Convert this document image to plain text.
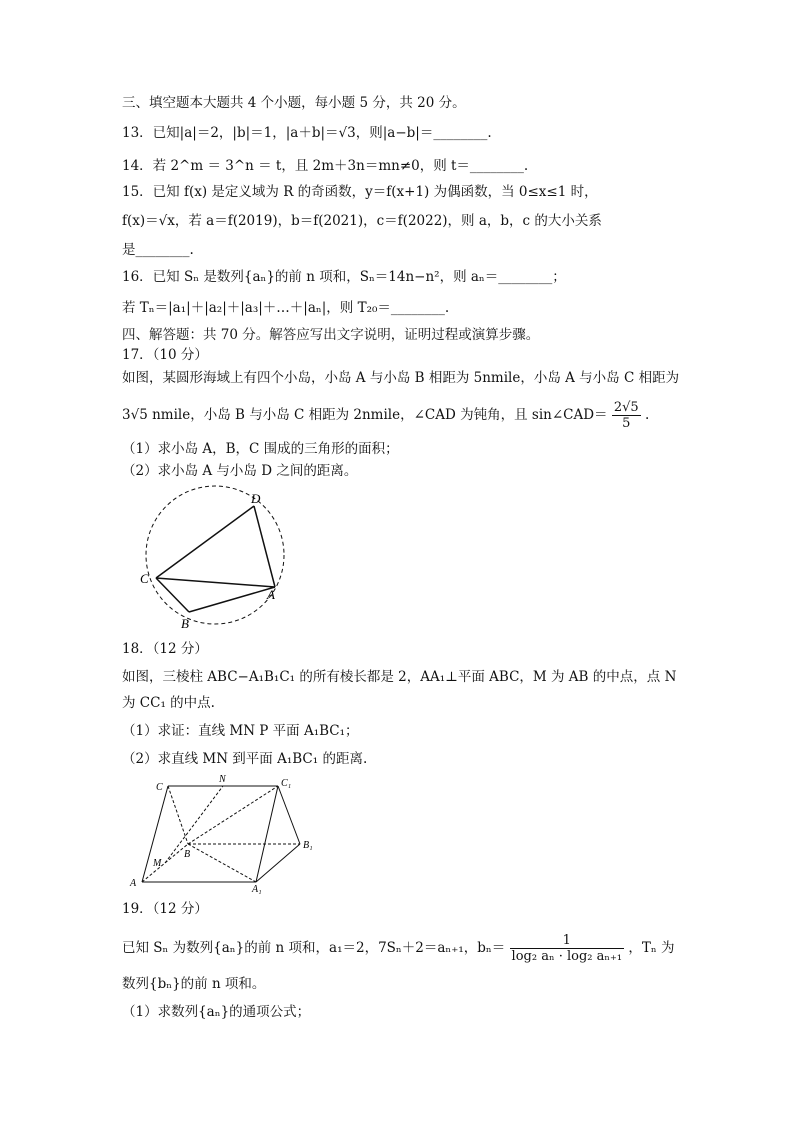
三、填空题本大题共 4 个小题，每小题 5 分，共 20 分。
13．已知|a|＝2，|b|＝1，|a＋b|＝√3，则|a−b|＝________.
14．若 2^m ＝ 3^n ＝ t，且 2m＋3n＝mn≠0，则 t＝________.
15．已知 f(x) 是定义域为 R 的奇函数，y＝f(x+1) 为偶函数，当 0≤x≤1 时，
f(x)＝√x，若 a＝f(2019)，b＝f(2021)，c＝f(2022)，则 a，b，c 的大小关系
是________.
16．已知 Sₙ 是数列{aₙ}的前 n 项和，Sₙ＝14n−n²，则 aₙ＝________；
若 Tₙ＝|a₁|＋|a₂|＋|a₃|＋…＋|aₙ|，则 T₂₀＝________.
四、解答题：共 70 分。解答应写出文字说明，证明过程或演算步骤。
17．（10 分）
如图，某圆形海域上有四个小岛，小岛 A 与小岛 B 相距为 5nmile，小岛 A 与小岛 C 相距为
3√5 nmile，小岛 B 与小岛 C 相距为 2nmile，∠CAD 为钝角，且 sin∠CAD＝ $\frac{2√5}{5}$ .
（1）求小岛 A，B，C 围成的三角形的面积；
（2）求小岛 A 与小岛 D 之间的距离。
D
C
A
B
18．（12 分）
如图，三棱柱 ABC−A₁B₁C₁ 的所有棱长都是 2，AA₁⊥平面 ABC，M 为 AB 的中点，点 N
为 CC₁ 的中点.
（1）求证：直线 MN P 平面 A₁BC₁；
（2）求直线 MN 到平面 A₁BC₁ 的距离.
C
N	C₁
B
B₁
M
A
A₁
19．（12 分）
已知 Sₙ 为数列{aₙ}的前 n 项和，a₁＝2，7Sₙ＋2＝aₙ₊₁，$b_n= \frac{1}{\text{log₂ aₙ · log₂ aₙ₊₁}}$ ，Tₙ 为
数列{bₙ}的前 n 项和。
（1）求数列{aₙ}的通项公式；
